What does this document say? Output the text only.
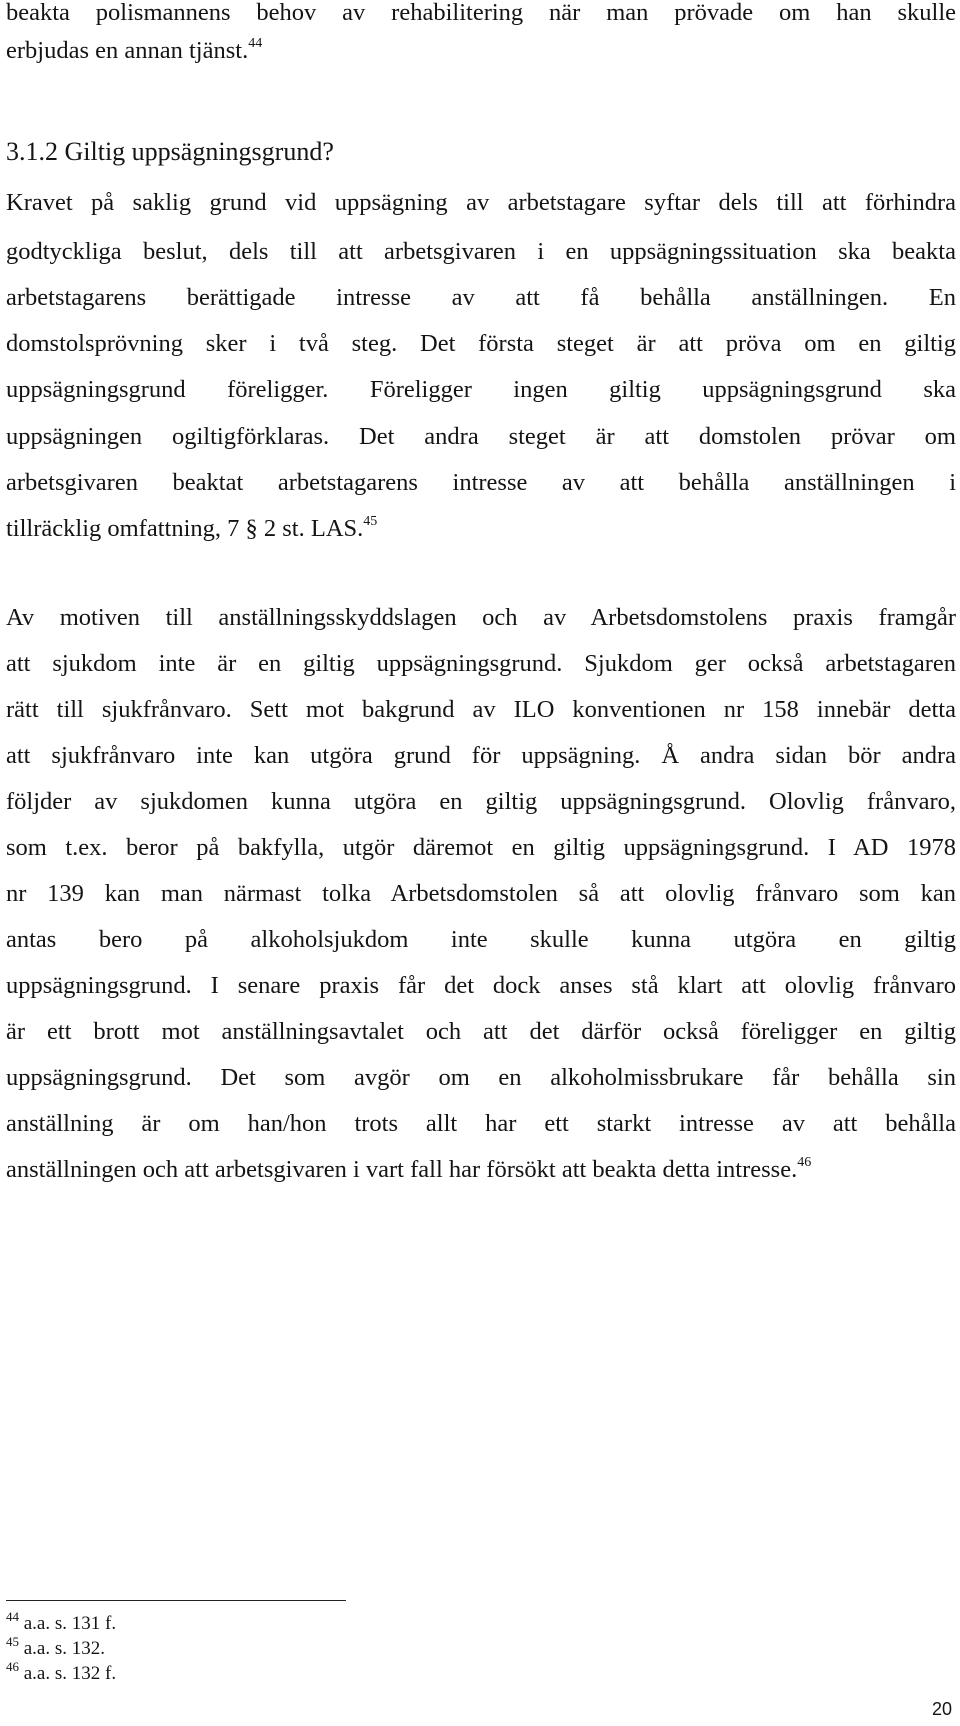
beakta polismannens behov av rehabilitering när man prövade om han skulle
erbjudas en annan tjänst.$^{44}$
3.1.2 Giltig uppsägningsgrund?
Kravet på saklig grund vid uppsägning av arbetstagare syftar dels till att förhindra
godtyckliga beslut, dels till att arbetsgivaren i en uppsägningssituation ska beakta
arbetstagarens berättigade intresse av att få behålla anställningen. En
domstolsprövning sker i två steg. Det första steget är att pröva om en giltig
uppsägningsgrund föreligger. Föreligger ingen giltig uppsägningsgrund ska
uppsägningen ogiltigförklaras. Det andra steget är att domstolen prövar om
arbetsgivaren beaktat arbetstagarens intresse av att behålla anställningen i
tillräcklig omfattning, 7 § 2 st. LAS.$^{45}$
Av motiven till anställningsskyddslagen och av Arbetsdomstolens praxis framgår
att sjukdom inte är en giltig uppsägningsgrund. Sjukdom ger också arbetstagaren
rätt till sjukfrånvaro. Sett mot bakgrund av ILO konventionen nr 158 innebär detta
att sjukfrånvaro inte kan utgöra grund för uppsägning. Å andra sidan bör andra
följder av sjukdomen kunna utgöra en giltig uppsägningsgrund. Olovlig frånvaro,
som t.ex. beror på bakfylla, utgör däremot en giltig uppsägningsgrund. I AD 1978
nr 139 kan man närmast tolka Arbetsdomstolen så att olovlig frånvaro som kan
antas bero på alkoholsjukdom inte skulle kunna utgöra en giltig
uppsägningsgrund. I senare praxis får det dock anses stå klart att olovlig frånvaro
är ett brott mot anställningsavtalet och att det därför också föreligger en giltig
uppsägningsgrund. Det som avgör om en alkoholmissbrukare får behålla sin
anställning är om han/hon trots allt har ett starkt intresse av att behålla
anställningen och att arbetsgivaren i vart fall har försökt att beakta detta intresse.$^{46}$
$^{44}$ a.a. s. 131 f.
$^{45}$ a.a. s. 132.
$^{46}$ a.a. s. 132 f.
20
